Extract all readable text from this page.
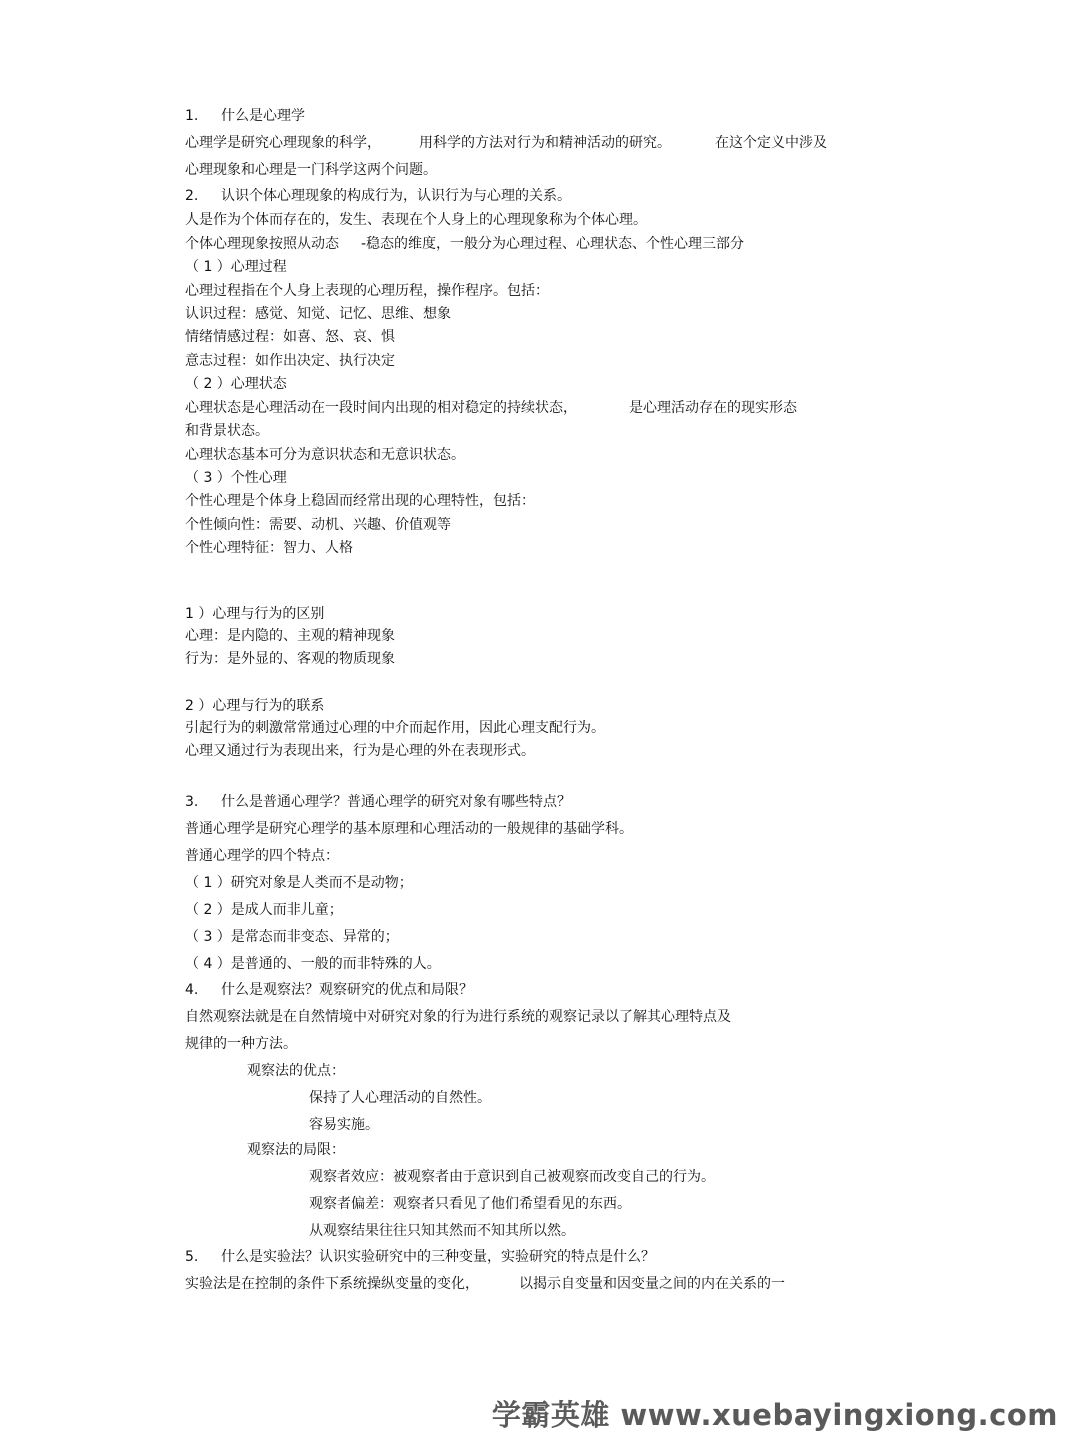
1. 什么是心理学
心理学是研究心理现象的科学，	用科学的方法对行为和精神活动的研究。	在这个定义中涉及
心理现象和心理是一门科学这两个问题。
2. 认识个体心理现象的构成行为，认识行为与心理的关系。
人是作为个体而存在的，发生、表现在个人身上的心理现象称为个体心理。
个体心理现象按照从动态 -稳态的维度，一般分为心理过程、心理状态、个性心理三部分
（ 1 ）心理过程
心理过程指在个人身上表现的心理历程，操作程序。包括：
认识过程：感觉、知觉、记忆、思维、想象
情绪情感过程：如喜、怒、哀、惧
意志过程：如作出决定、执行决定
（ 2 ）心理状态
心理状态是心理活动在一段时间内出现的相对稳定的持续状态，	是心理活动存在的现实形态
和背景状态。
心理状态基本可分为意识状态和无意识状态。
（ 3 ）个性心理
个性心理是个体身上稳固而经常出现的心理特性，包括：
个性倾向性：需要、动机、兴趣、价值观等
个性心理特征：智力、人格
1 ）心理与行为的区别
心理：是内隐的、主观的精神现象
行为：是外显的、客观的物质现象
2 ）心理与行为的联系
引起行为的刺激常常通过心理的中介而起作用，因此心理支配行为。
心理又通过行为表现出来，行为是心理的外在表现形式。
3. 什么是普通心理学？普通心理学的研究对象有哪些特点？
普通心理学是研究心理学的基本原理和心理活动的一般规律的基础学科。
普通心理学的四个特点：
（ 1 ）研究对象是人类而不是动物；
（ 2 ）是成人而非儿童；
（ 3 ）是常态而非变态、异常的；
（ 4 ）是普通的、一般的而非特殊的人。
4. 什么是观察法？观察研究的优点和局限？
自然观察法就是在自然情境中对研究对象的行为进行系统的观察记录以了解其心理特点及
规律的一种方法。
观察法的优点：
保持了人心理活动的自然性。
容易实施。
观察法的局限：
观察者效应：被观察者由于意识到自己被观察而改变自己的行为。
观察者偏差：观察者只看见了他们希望看见的东西。
从观察结果往往只知其然而不知其所以然。
5. 什么是实验法？认识实验研究中的三种变量，实验研究的特点是什么？
实验法是在控制的条件下系统操纵变量的变化，	以揭示自变量和因变量之间的内在关系的一
学霸英雄 www.xuebayingxiong.com
